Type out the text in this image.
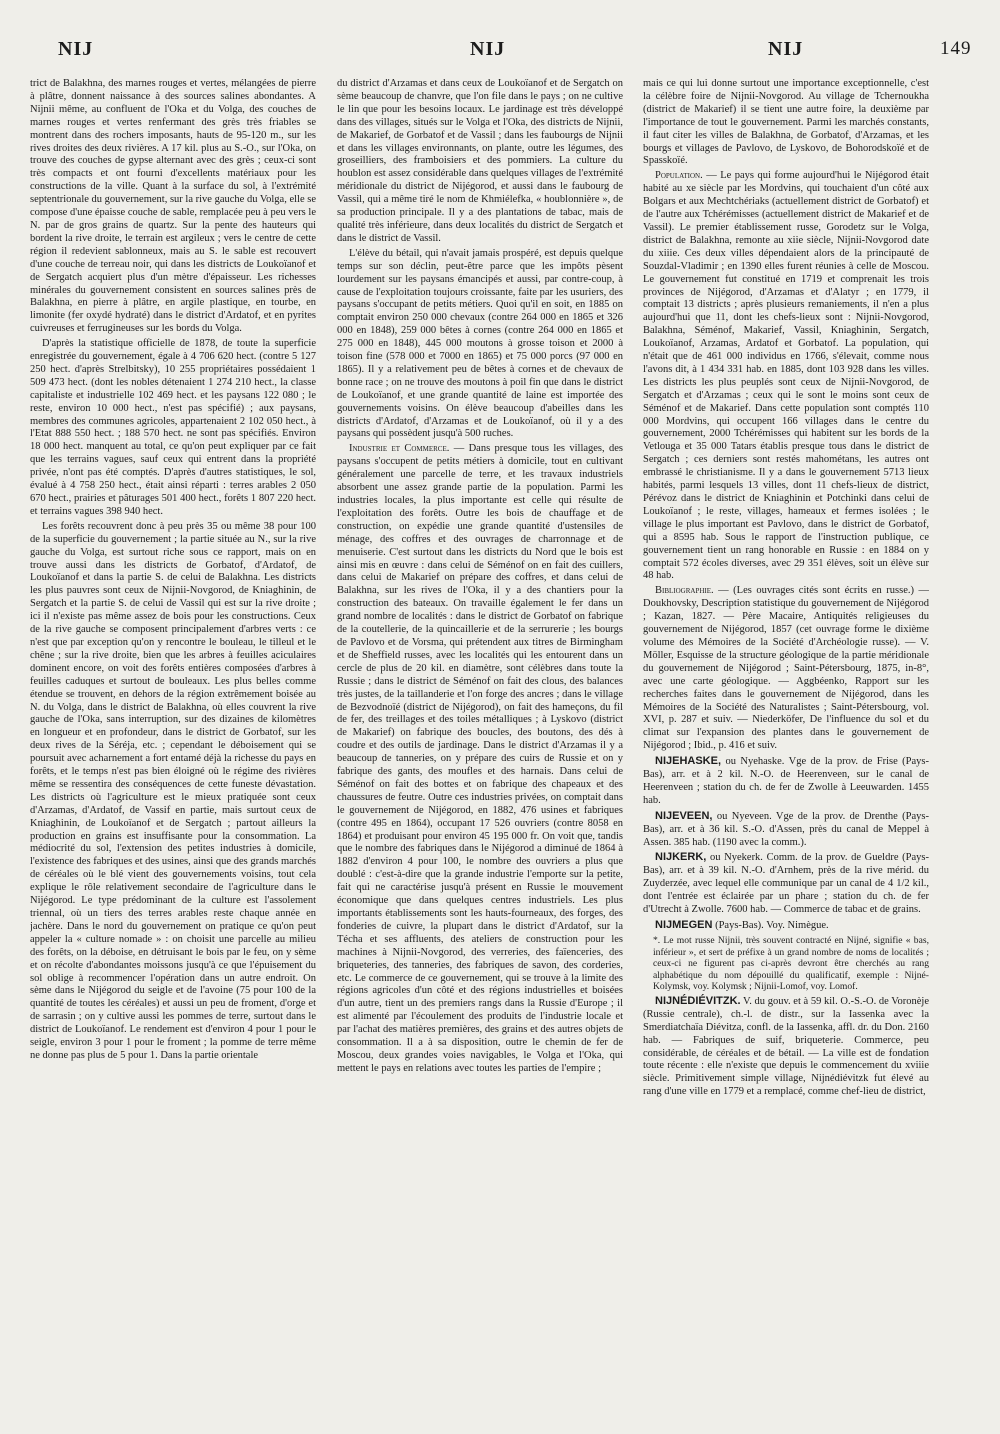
NIJ	NIJ	NIJ	149

trict de Balakhna, des marnes rouges et vertes, mélangées de pierre à plâtre, donnent naissance à des sources salines abondantes. A Nijnii même, au confluent de l'Oka et du Volga, des couches de marnes rouges et vertes renfermant des grès très friables se montrent dans des rochers imposants, hauts de 95-120 m., sur les rives droites des deux rivières. A 17 kil. plus au S.-O., sur l'Oka, on trouve des couches de gypse alternant avec des grès ; ceux-ci sont très compacts et ont fourni d'excellents matériaux pour les constructions de la ville. Quant à la surface du sol, à l'extrémité septentrionale du gouvernement, sur la rive gauche du Volga, elle se compose d'une épaisse couche de sable, remplacée peu à peu vers le N. par de gros grains de quartz. Sur la pente des hauteurs qui bordent la rive droite, le terrain est argileux ; vers le centre de cette région il redevient sablonneux, mais au S. le sable est recouvert d'une couche de terreau noir, qui dans les districts de Loukoïanof et de Sergatch acquiert plus d'un mètre d'épaisseur. Les richesses minérales du gouvernement consistent en sources salines près de Balakhna, en pierre à plâtre, en argile plastique, en tourbe, en limonite (fer oxydé hydraté) dans le district d'Ardatof, et en pyrites cuivreuses et ferrugineuses sur les bords du Volga.

D'après la statistique officielle de 1878, de toute la superficie enregistrée du gouvernement, égale à 4 706 620 hect. (contre 5 127 250 hect. d'après Strelbitsky), 10 255 propriétaires possédaient 1 509 473 hect. (dont les nobles détenaient 1 274 210 hect., la classe capitaliste et industrielle 102 469 hect. et les paysans 122 080 ; le reste, environ 10 000 hect., n'est pas spécifié) ; aux paysans, membres des communes agricoles, appartenaient 2 102 050 hect., à l'Etat 888 550 hect. ; 188 570 hect. ne sont pas spécifiés. Environ 18 000 hect. manquent au total, ce qu'on peut expliquer par ce fait que les terrains vagues, sauf ceux qui entrent dans la propriété privée, n'ont pas été comptés. D'après d'autres statistiques, le sol, évalué à 4 758 250 hect., était ainsi réparti : terres arables 2 050 670 hect., prairies et pâturages 501 400 hect., forêts 1 807 220 hect. et terrains vagues 398 940 hect.

Les forêts recouvrent donc à peu près 35 ou même 38 pour 100 de la superficie du gouvernement ; la partie située au N., sur la rive gauche du Volga, est surtout riche sous ce rapport, mais on en trouve aussi dans les districts de Gorbatof, d'Ardatof, de Loukoïanof et dans la partie S. de celui de Balakhna. Les districts les plus pauvres sont ceux de Nijnii-Novgorod, de Kniaghinin, de Sergatch et la partie S. de celui de Vassil qui est sur la rive droite ; ici il n'existe pas même assez de bois pour les constructions. Ceux de la rive gauche se composent principalement d'arbres verts : ce n'est que par exception qu'on y rencontre le bouleau, le tilleul et le chêne ; sur la rive droite, bien que les arbres à feuilles aciculaires dominent encore, on voit des forêts entières composées d'arbres à feuilles caduques et surtout de bouleaux. Les plus belles comme étendue se trouvent, en dehors de la région extrêmement boisée au N. du Volga, dans le district de Balakhna, où elles couvrent la rive gauche de l'Oka, sans interruption, sur des dizaines de kilomètres en longueur et en profondeur, dans le district de Gorbatof, sur les deux rives de la Séréja, etc. ; cependant le déboisement qui se poursuit avec acharnement a fort entamé déjà la richesse du pays en forêts, et le temps n'est pas bien éloigné où le régime des rivières même se ressentira des conséquences de cette funeste dévastation. Les districts où l'agriculture est le mieux pratiquée sont ceux d'Arzamas, d'Ardatof, de Vassif en partie, mais surtout ceux de Kniaghinin, de Loukoïanof et de Sergatch ; partout ailleurs la production en grains est insuffisante pour la consommation. La médiocrité du sol, l'extension des petites industries à domicile, l'existence des fabriques et des usines, ainsi que des grands marchés de céréales où le blé vient des gouvernements voisins, tout cela explique le rôle relativement secondaire de l'agriculture dans le Nijégorod. Le type prédominant de la culture est l'assolement triennal, où un tiers des terres arables reste chaque année en jachère. Dans le nord du gouvernement on pratique ce qu'on peut appeler la « culture nomade » : on choisit une parcelle au milieu des forêts, on la déboise, en détruisant le bois par le feu, on y sème et on récolte d'abondantes moissons jusqu'à ce que l'épuisement du sol oblige à recommencer l'opération dans un autre endroit. On sème dans le Nijégorod du seigle et de l'avoine (75 pour 100 de la quantité de toutes les céréales) et aussi un peu de froment, d'orge et de sarrasin ; on y cultive aussi les pommes de terre, surtout dans le district de Loukoïanof. Le rendement est d'environ 4 pour 1 pour le seigle, environ 3 pour 1 pour le froment ; la pomme de terre même ne donne pas plus de 5 pour 1. Dans la partie orientale

du district d'Arzamas et dans ceux de Loukoïanof et de Sergatch on sème beaucoup de chanvre, que l'on file dans le pays ; on ne cultive le lin que pour les besoins locaux. Le jardinage est très développé dans des villages, situés sur le Volga et l'Oka, des districts de Nijnii, de Makarief, de Gorbatof et de Vassil ; dans les faubourgs de Nijnii et dans les villages environnants, on plante, outre les légumes, des groseilliers, des framboisiers et des pommiers. La culture du houblon est assez considérable dans quelques villages de l'extrémité méridionale du district de Nijégorod, et aussi dans le faubourg de Vassil, qui a même tiré le nom de Khmiélefka, « houblonnière », de sa production principale. Il y a des plantations de tabac, mais de qualité très inférieure, dans deux localités du district de Sergatch et dans le district de Vassil.

L'élève du bétail, qui n'avait jamais prospéré, est depuis quelque temps sur son déclin, peut-être parce que les impôts pèsent lourdement sur les paysans émancipés et aussi, par contre-coup, à cause de l'exploitation toujours croissante, faite par les usuriers, des paysans s'occupant de petits métiers. Quoi qu'il en soit, en 1885 on comptait environ 250 000 chevaux (contre 264 000 en 1865 et 326 000 en 1848), 259 000 bêtes à cornes (contre 264 000 en 1865 et 275 000 en 1848), 445 000 moutons à grosse toison et 2000 à toison fine (578 000 et 7000 en 1865) et 75 000 porcs (97 000 en 1865). Il y a relativement peu de bêtes à cornes et de chevaux de bonne race ; on ne trouve des moutons à poil fin que dans le district de Loukoïanof, et une grande quantité de laine est importée des gouvernements voisins. On élève beaucoup d'abeilles dans les districts d'Ardatof, d'Arzamas et de Loukoïanof, où il y a des paysans qui possèdent jusqu'à 500 ruches.

Industrie et Commerce. — Dans presque tous les villages, des paysans s'occupent de petits métiers à domicile, tout en cultivant généralement une parcelle de terre, et les travaux industriels absorbent une assez grande partie de la population. Parmi les industries locales, la plus importante est celle qui résulte de l'exploitation des forêts. Outre les bois de chauffage et de construction, on expédie une grande quantité d'ustensiles de ménage, des coffres et des ouvrages de charronnage et de menuiserie. C'est surtout dans les districts du Nord que le bois est ainsi mis en œuvre : dans celui de Séménof on en fait des cuillers, dans celui de Makarief on prépare des coffres, et dans celui de Balakhna, sur les rives de l'Oka, il y a des chantiers pour la construction des bateaux. On travaille également le fer dans un grand nombre de localités : dans le district de Gorbatof on fabrique de la coutellerie, de la quincaillerie et de la serrurerie ; les bourgs de Pavlovo et de Vorsma, qui prétendent aux titres de Birmingham et de Sheffield russes, avec les localités qui les entourent dans un cercle de plus de 20 kil. en diamètre, sont célèbres dans toute la Russie ; dans le district de Séménof on fait des clous, des balances très justes, de la taillanderie et l'on forge des ancres ; dans le village de Bezvodnoïé (district de Nijégorod), on fait des hameçons, du fil de fer, des treillages et des toiles métalliques ; à Lyskovo (district de Makarief) on fabrique des boucles, des boutons, des dés à coudre et des outils de jardinage. Dans le district d'Arzamas il y a beaucoup de tanneries, on y prépare des cuirs de Russie et on y fabrique des gants, des moufles et des harnais. Dans celui de Séménof on fait des bottes et on fabrique des chapeaux et des chaussures de feutre. Outre ces industries privées, on comptait dans le gouvernement de Nijégorod, en 1882, 476 usines et fabriques (contre 495 en 1864), occupant 17 526 ouvriers (contre 8058 en 1864) et produisant pour environ 45 195 000 fr. On voit que, tandis que le nombre des fabriques dans le Nijégorod a diminué de 1864 à 1882 d'environ 4 pour 100, le nombre des ouvriers a plus que doublé : c'est-à-dire que la grande industrie l'emporte sur la petite, fait qui ne caractérise jusqu'à présent en Russie le mouvement économique que dans quelques centres industriels. Les plus importants établissements sont les hauts-fourneaux, des forges, des fonderies de cuivre, la plupart dans le district d'Ardatof, sur la Técha et ses affluents, des ateliers de construction pour les machines à Nijnii-Novgorod, des verreries, des faïenceries, des briqueteries, des tanneries, des fabriques de savon, des corderies, etc. Le commerce de ce gouvernement, qui se trouve à la limite des régions agricoles d'un côté et des régions industrielles et boisées d'un autre, tient un des premiers rangs dans la Russie d'Europe ; il est alimenté par l'écoulement des produits de l'industrie locale et par l'achat des matières premières, des grains et des autres objets de consommation. Il a à sa disposition, outre le chemin de fer de Moscou, deux grandes voies navigables, le Volga et l'Oka, qui mettent le pays en relations avec toutes les parties de l'empire ;

mais ce qui lui donne surtout une importance exceptionnelle, c'est la célèbre foire de Nijnii-Novgorod. Au village de Tchernoukha (district de Makarief) il se tient une autre foire, la deuxième par l'importance de tout le gouvernement. Parmi les marchés constants, il faut citer les villes de Balakhna, de Gorbatof, d'Arzamas, et les bourgs et villages de Pavlovo, de Lyskovo, de Bohorodskoïé et de Spasskoïé.

Population. — Le pays qui forme aujourd'hui le Nijégorod était habité au xe siècle par les Mordvins, qui touchaient d'un côté aux Bolgars et aux Mechtchériaks (actuellement district de Gorbatof) et de l'autre aux Tchérémisses (actuellement district de Makarief et de Vassil). Le premier établissement russe, Gorodetz sur le Volga, district de Balakhna, remonte au xiie siècle, Nijnii-Novgorod date du xiiie. Ces deux villes dépendaient alors de la principauté de Souzdal-Vladimir ; en 1390 elles furent réunies à celle de Moscou. Le gouvernement fut constitué en 1719 et comprenait les trois provinces de Nijégorod, d'Arzamas et d'Alatyr ; en 1779, il comptait 13 districts ; après plusieurs remaniements, il n'en a plus aujourd'hui que 11, dont les chefs-lieux sont : Nijnii-Novgorod, Balakhna, Séménof, Makarief, Vassil, Kniaghinin, Sergatch, Loukoïanof, Arzamas, Ardatof et Gorbatof. La population, qui n'était que de 461 000 individus en 1766, s'élevait, comme nous l'avons dit, à 1 434 331 hab. en 1885, dont 103 928 dans les villes. Les districts les plus peuplés sont ceux de Nijnii-Novgorod, de Sergatch et d'Arzamas ; ceux qui le sont le moins sont ceux de Séménof et de Makarief. Dans cette population sont comptés 110 000 Mordvins, qui occupent 166 villages dans le centre du gouvernement, 2000 Tchérémisses qui habitent sur les bords de la Vetlouga et 35 000 Tatars établis presque tous dans le district de Sergatch ; ces derniers sont restés mahométans, les autres ont embrassé le christianisme. Il y a dans le gouvernement 5713 lieux habités, parmi lesquels 13 villes, dont 11 chefs-lieux de district, Pérévoz dans le district de Kniaghinin et Potchinki dans celui de Loukoïanof ; le reste, villages, hameaux et fermes isolées ; le village le plus important est Pavlovo, dans le district de Gorbatof, qui a 8595 hab. Sous le rapport de l'instruction publique, ce gouvernement tient un rang honorable en Russie : en 1884 on y comptait 572 écoles diverses, avec 29 351 élèves, soit un élève sur 48 hab.

Bibliographie. — (Les ouvrages cités sont écrits en russe.) — Doukhovsky, Description statistique du gouvernement de Nijégorod ; Kazan, 1827. — Père Macaire, Antiquités religieuses du gouvernement de Nijégorod, 1857 (cet ouvrage forme le dixième volume des Mémoires de la Société d'Archéologie russe). — V. Möller, Esquisse de la structure géologique de la partie méridionale du gouvernement de Nijégorod ; Saint-Pétersbourg, 1875, in-8°, avec une carte géologique. — Aggbéenko, Rapport sur les recherches faites dans le gouvernement de Nijégorod, dans les Mémoires de la Société des Naturalistes ; Saint-Pétersbourg, vol. XVI, p. 287 et suiv. — Niederköfer, De l'influence du sol et du climat sur l'expansion des plantes dans le gouvernement de Nijégorod ; Ibid., p. 416 et suiv.

NIJEHASKE, ou Nyehaske. Vge de la prov. de Frise (Pays-Bas), arr. et à 2 kil. N.-O. de Heerenveen, sur le canal de Heerenveen ; station du ch. de fer de Zwolle à Leeuwarden. 1455 hab.

NIJEVEEN, ou Nyeveen. Vge de la prov. de Drenthe (Pays-Bas), arr. et à 36 kil. S.-O. d'Assen, près du canal de Meppel à Assen. 385 hab. (1190 avec la comm.).

NIJKERK, ou Nyekerk. Comm. de la prov. de Gueldre (Pays-Bas), arr. et à 39 kil. N.-O. d'Arnhem, près de la rive mérid. du Zuyderzée, avec lequel elle communique par un canal de 4 1/2 kil., dont l'entrée est éclairée par un phare ; station du ch. de fer d'Utrecht à Zwolle. 7600 hab. — Commerce de tabac et de grains.

NIJMEGEN (Pays-Bas). Voy. Nimègue.

*. Le mot russe Nijnii, très souvent contracté en Nijné, signifie « bas, inférieur », et sert de préfixe à un grand nombre de noms de localités ; ceux-ci ne figurent pas ci-après devront être cherchés au rang alphabétique du nom dépouillé du qualificatif, exemple : Nijné-Kolymsk, voy. Kolymsk ; Nijnii-Lomof, voy. Lomof.

NIJNÉDIÉVITZK. V. du gouv. et à 59 kil. O.-S.-O. de Voronèje (Russie centrale), ch.-l. de distr., sur la Iassenka avec la Smerdiatchaïa Diévitza, confl. de la Iassenka, affl. dr. du Don. 2160 hab. — Fabriques de suif, briqueterie. Commerce, peu considérable, de céréales et de bétail. — La ville est de fondation toute récente : elle n'existe que depuis le commencement du xviiie siècle. Primitivement simple village, Nijnédiévitzk fut élevé au rang d'une ville en 1779 et a remplacé, comme chef-lieu de district,
